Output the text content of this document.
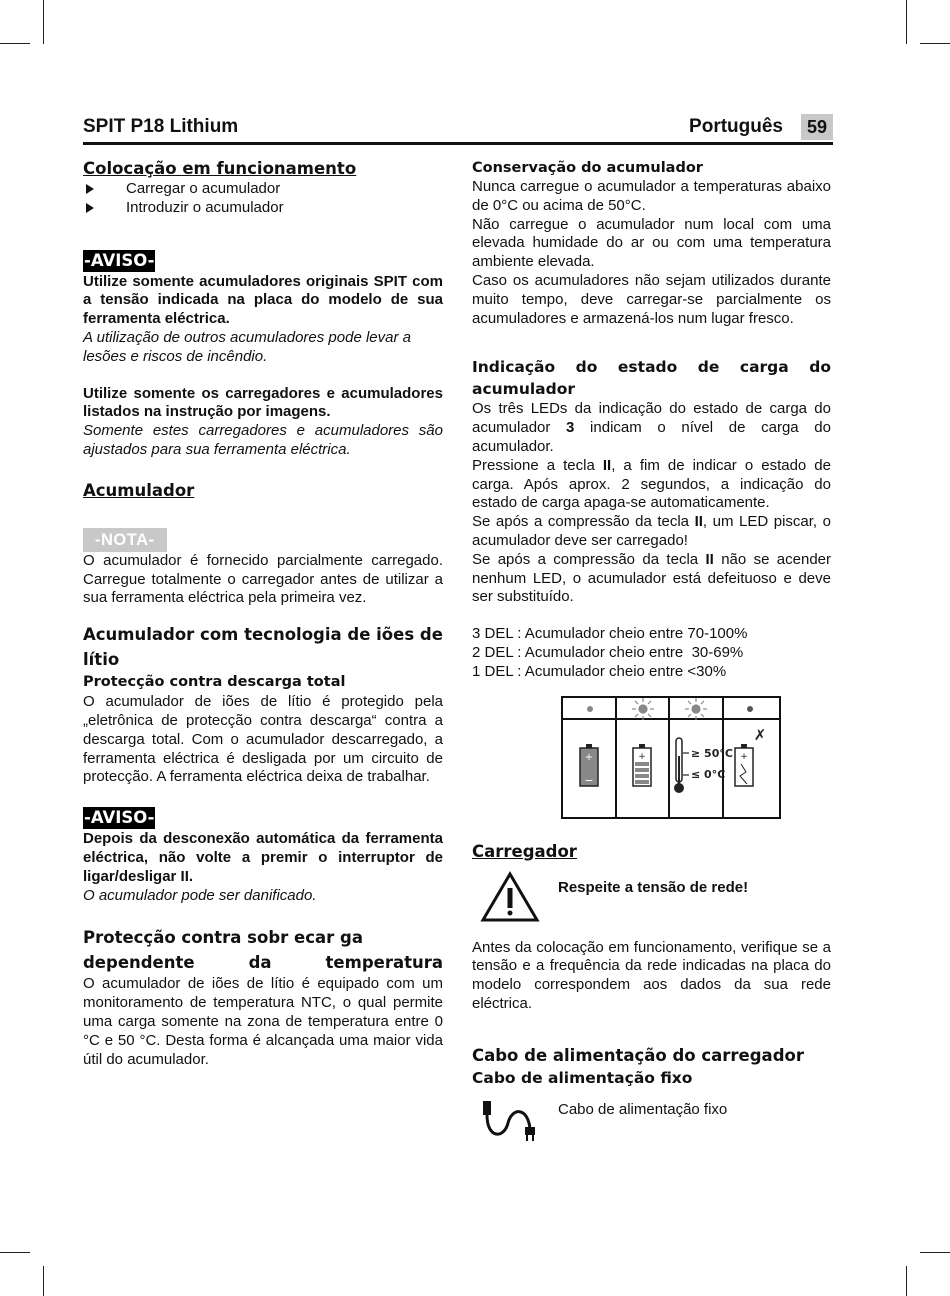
SPIT P18 Lithium	Português	59
Colocação em funcionamento

Carregar o acumulador

Introduzir o acumulador

-AVISO-

Utilize somente acumuladores originais SPIT com a tensão indicada na placa do modelo de sua ferramenta eléctrica.

A utilização de outros acumuladores pode levar a lesões e riscos de incêndio.

Utilize somente os carregadores e acumuladores listados na instrução por imagens.

Somente estes carregadores e acumuladores são ajustados para sua ferramenta eléctrica.

Acumulador
-NOTA-

O acumulador é fornecido parcialmente carregado. Carregue totalmente o carregador antes de utilizar a sua ferramenta eléctrica pela primeira vez.

Acumulador com tecnologia de iões de lítio
Protecção contra descarga total

O acumulador de iões de lítio é protegido pela „eletrônica de protecção contra descarga“ contra a descarga total. Com o acumulador descarregado, a ferramenta eléctrica é desligada por um circuito de protecção. A ferramenta eléctrica deixa de trabalhar.

-AVISO-

Depois da desconexão automática da ferramenta eléctrica, não volte a premir o interruptor de ligar/desligar II.

O acumulador pode ser danificado.

Protecção contra sobr ecar ga dependente da temperatura

O acumulador de iões de lítio é equipado com um monitoramento de temperatura NTC, o qual permite uma carga somente na zona de temperatura entre 0 °C e 50 °C. Desta forma é alcançada uma maior vida útil do acumulador.

Conservação do acumulador

Nunca carregue o acumulador a temperaturas abaixo de 0°C ou acima de 50°C.

Não carregue o acumulador num local com uma elevada humidade do ar ou com uma temperatura ambiente elevada.

Caso os acumuladores não sejam utilizados durante muito tempo, deve carregar-se parcialmente os acumuladores e armazená-los num lugar fresco.

Indicação do estado de carga do acumulador

Os três LEDs da indicação do estado de carga do acumulador 3 indicam o nível de carga do acumulador.

Pressione a tecla II, a fim de indicar o estado de carga. Após aprox. 2 segundos, a indicação do estado de carga apaga-se automaticamente.

Se após a compressão da tecla II, um LED piscar, o acumulador deve ser carregado!

Se após a compressão da tecla II não se acender nenhum LED, o acumulador está defeituoso e deve ser substituído.

3 DEL : Acumulador cheio entre 70-100%

2 DEL : Acumulador cheio entre  30-69%

1 DEL : Acumulador cheio entre <30%

+
−
+	≥ 50°C
≤ 0°C
+
✗
Carregador
Respeite a tensão de rede!

Antes da colocação em funcionamento, verifique se a tensão e a frequência da rede indicadas na placa do modelo correspondem aos dados da sua rede eléctrica.

Cabo de alimentação do carregador
Cabo de alimentação fixo
Cabo de alimentação fixo
